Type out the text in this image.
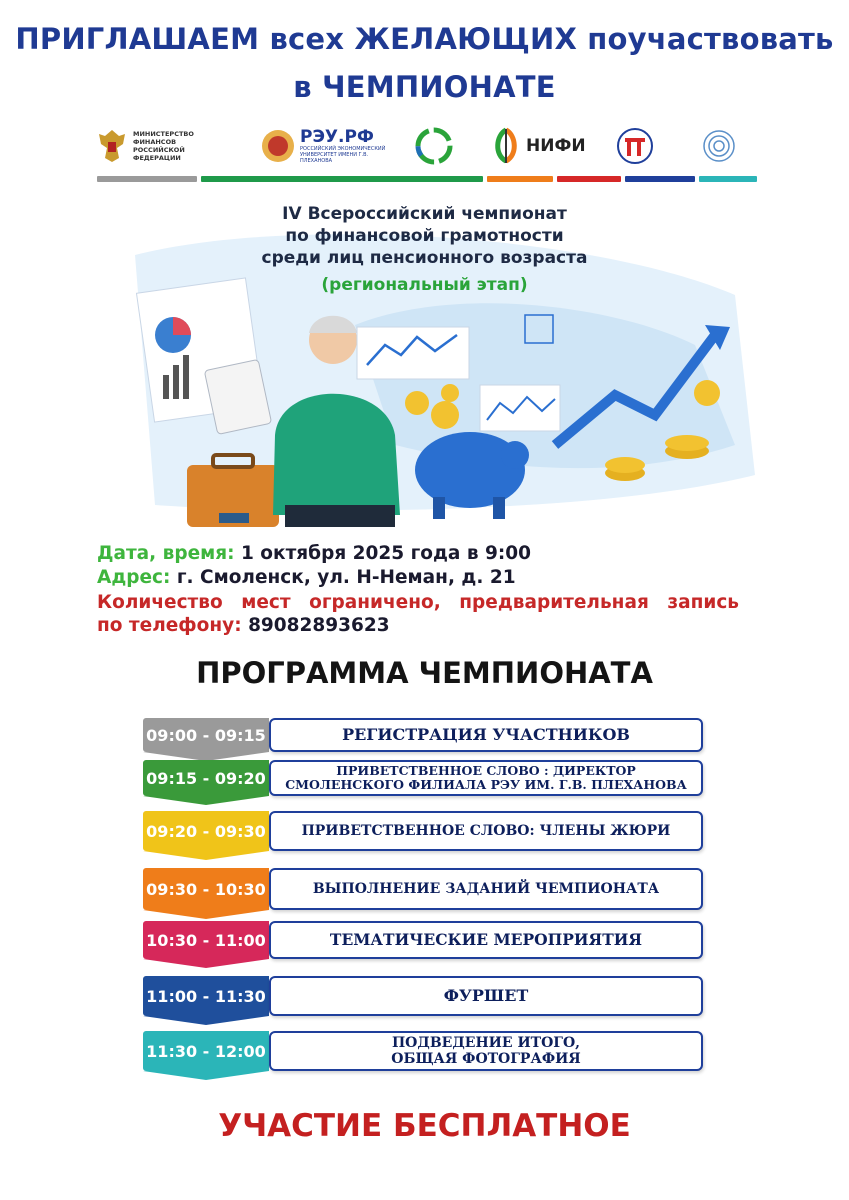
ПРИГЛАШАЕМ всех ЖЕЛАЮЩИХ поучаствовать
в ЧЕМПИОНАТЕ
МИНИСТЕРСТВО ФИНАНСОВ РОССИЙСКОЙ ФЕДЕРАЦИИ
РЭУ.РФ
РОССИЙСКИЙ ЭКОНОМИЧЕСКИЙ УНИВЕРСИТЕТ ИМЕНИ Г.В. ПЛЕХАНОВА
НИФИ
IV Всероссийский чемпионат
по финансовой грамотности
среди лиц пенсионного возраста
(региональный этап)
Дата, время: 1 октября 2025 года в 9:00
Адрес: г. Смоленск, ул. Н-Неман, д. 21
Количество мест ограничено, предварительная запись
по телефону: 89082893623
ПРОГРАММА ЧЕМПИОНАТА
09:00 - 09:15	РЕГИСТРАЦИЯ УЧАСТНИКОВ
09:15 - 09:20	ПРИВЕТСТВЕННОЕ СЛОВО : ДИРЕКТОР
СМОЛЕНСКОГО ФИЛИАЛА РЭУ ИМ. Г.В. ПЛЕХАНОВА
09:20 - 09:30	ПРИВЕТСТВЕННОЕ СЛОВО: ЧЛЕНЫ ЖЮРИ
09:30 - 10:30	ВЫПОЛНЕНИЕ ЗАДАНИЙ ЧЕМПИОНАТА
10:30 - 11:00	ТЕМАТИЧЕСКИЕ МЕРОПРИЯТИЯ
11:00 - 11:30	ФУРШЕТ
11:30 - 12:00	ПОДВЕДЕНИЕ ИТОГО,
ОБЩАЯ ФОТОГРАФИЯ
УЧАСТИЕ БЕСПЛАТНОЕ
